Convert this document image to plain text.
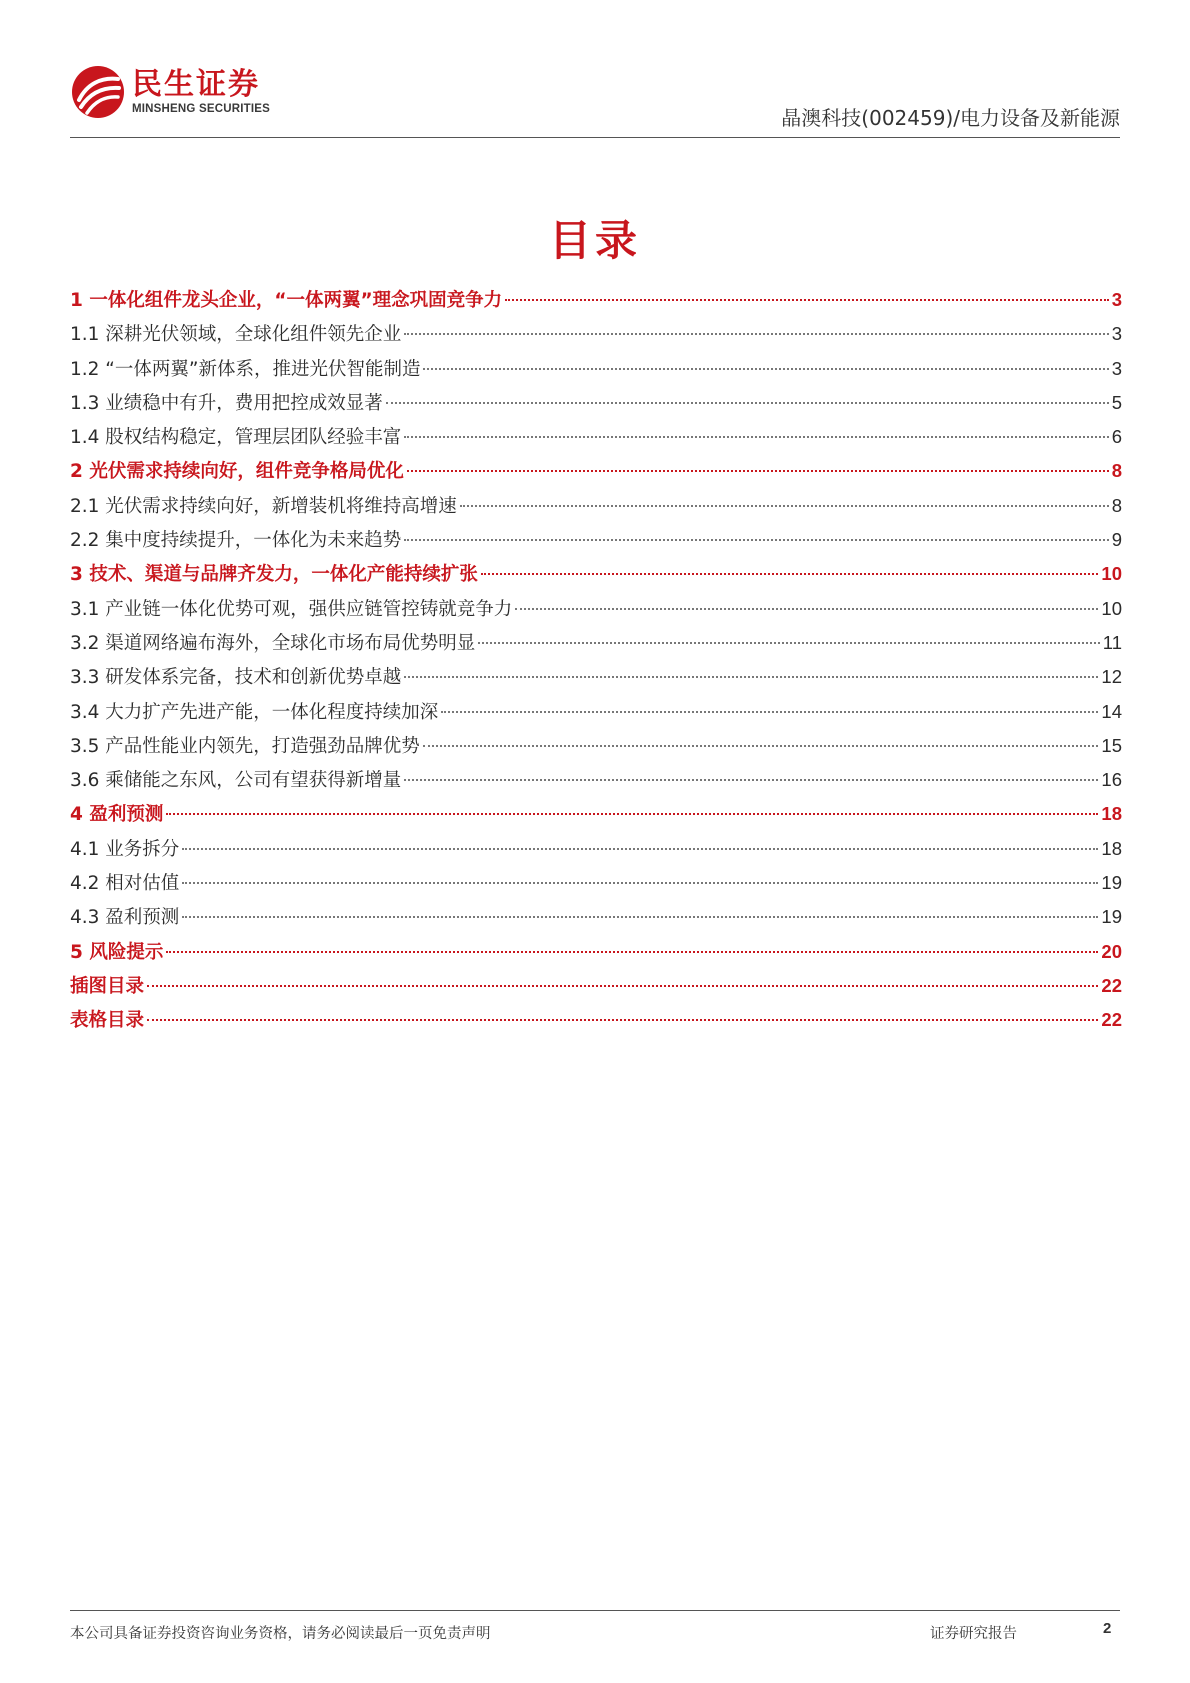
民生证券
MINSHENG SECURITIES	晶澳科技(002459)/电力设备及新能源
目录
1 一体化组件龙头企业，“一体两翼”理念巩固竞争力	3
1.1 深耕光伏领域，全球化组件领先企业	3
1.2 “一体两翼”新体系，推进光伏智能制造	3
1.3 业绩稳中有升，费用把控成效显著	5
1.4 股权结构稳定，管理层团队经验丰富	6
2 光伏需求持续向好，组件竞争格局优化	8
2.1 光伏需求持续向好，新增装机将维持高增速	8
2.2 集中度持续提升，一体化为未来趋势	9
3 技术、渠道与品牌齐发力，一体化产能持续扩张	10
3.1 产业链一体化优势可观，强供应链管控铸就竞争力	10
3.2 渠道网络遍布海外，全球化市场布局优势明显	11
3.3 研发体系完备，技术和创新优势卓越	12
3.4 大力扩产先进产能，一体化程度持续加深	14
3.5 产品性能业内领先，打造强劲品牌优势	15
3.6 乘储能之东风，公司有望获得新增量	16
4 盈利预测	18
4.1 业务拆分	18
4.2 相对估值	19
4.3 盈利预测	19
5 风险提示	20
插图目录	22
表格目录	22
本公司具备证券投资咨询业务资格，请务必阅读最后一页免责声明	证券研究报告	2
